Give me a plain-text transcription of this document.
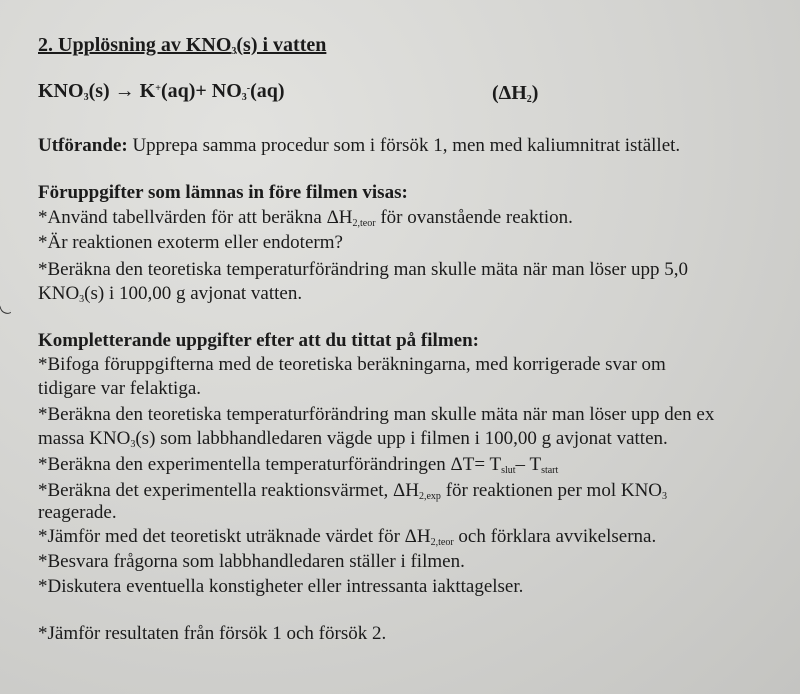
2. Upplösning av $KNO_3(s)$ i vatten
$KNO_3(s) \to K^+(aq)+ NO_3^-(aq)$	$(\Delta H_2)$
Utförande: Upprepa samma procedur som i försök 1, men med kaliumnitrat istället.
Föruppgifter som lämnas in före filmen visas:
*Använd tabellvärden för att beräkna $\Delta H_{2,teor}$ för ovanstående reaktion.
*Är reaktionen exoterm eller endoterm?
*Beräkna den teoretiska temperaturförändring man skulle mäta när man löser upp 5,0
$KNO_3(s)$ i 100,00 g avjonat vatten.
Kompletterande uppgifter efter att du tittat på filmen:
*Bifoga föruppgifterna med de teoretiska beräkningarna, med korrigerade svar om
tidigare var felaktiga.
*Beräkna den teoretiska temperaturförändring man skulle mäta när man löser upp den ex
massa $KNO_3(s)$ som labbhandledaren vägde upp i filmen i 100,00 g avjonat vatten.
*Beräkna den experimentella temperaturförändringen $\Delta T= T_{slut}-$ $T_{start}$
*Beräkna det experimentella reaktionsvärmet, $\Delta H_{2,exp}$ för reaktionen per mol $KNO_3$
reagerade.
*Jämför med det teoretiskt uträknade värdet för $\Delta H_{2,teor}$ och förklara avvikelserna.
*Besvara frågorna som labbhandledaren ställer i filmen.
*Diskutera eventuella konstigheter eller intressanta iakttagelser.
*Jämför resultaten från försök 1 och försök 2.
